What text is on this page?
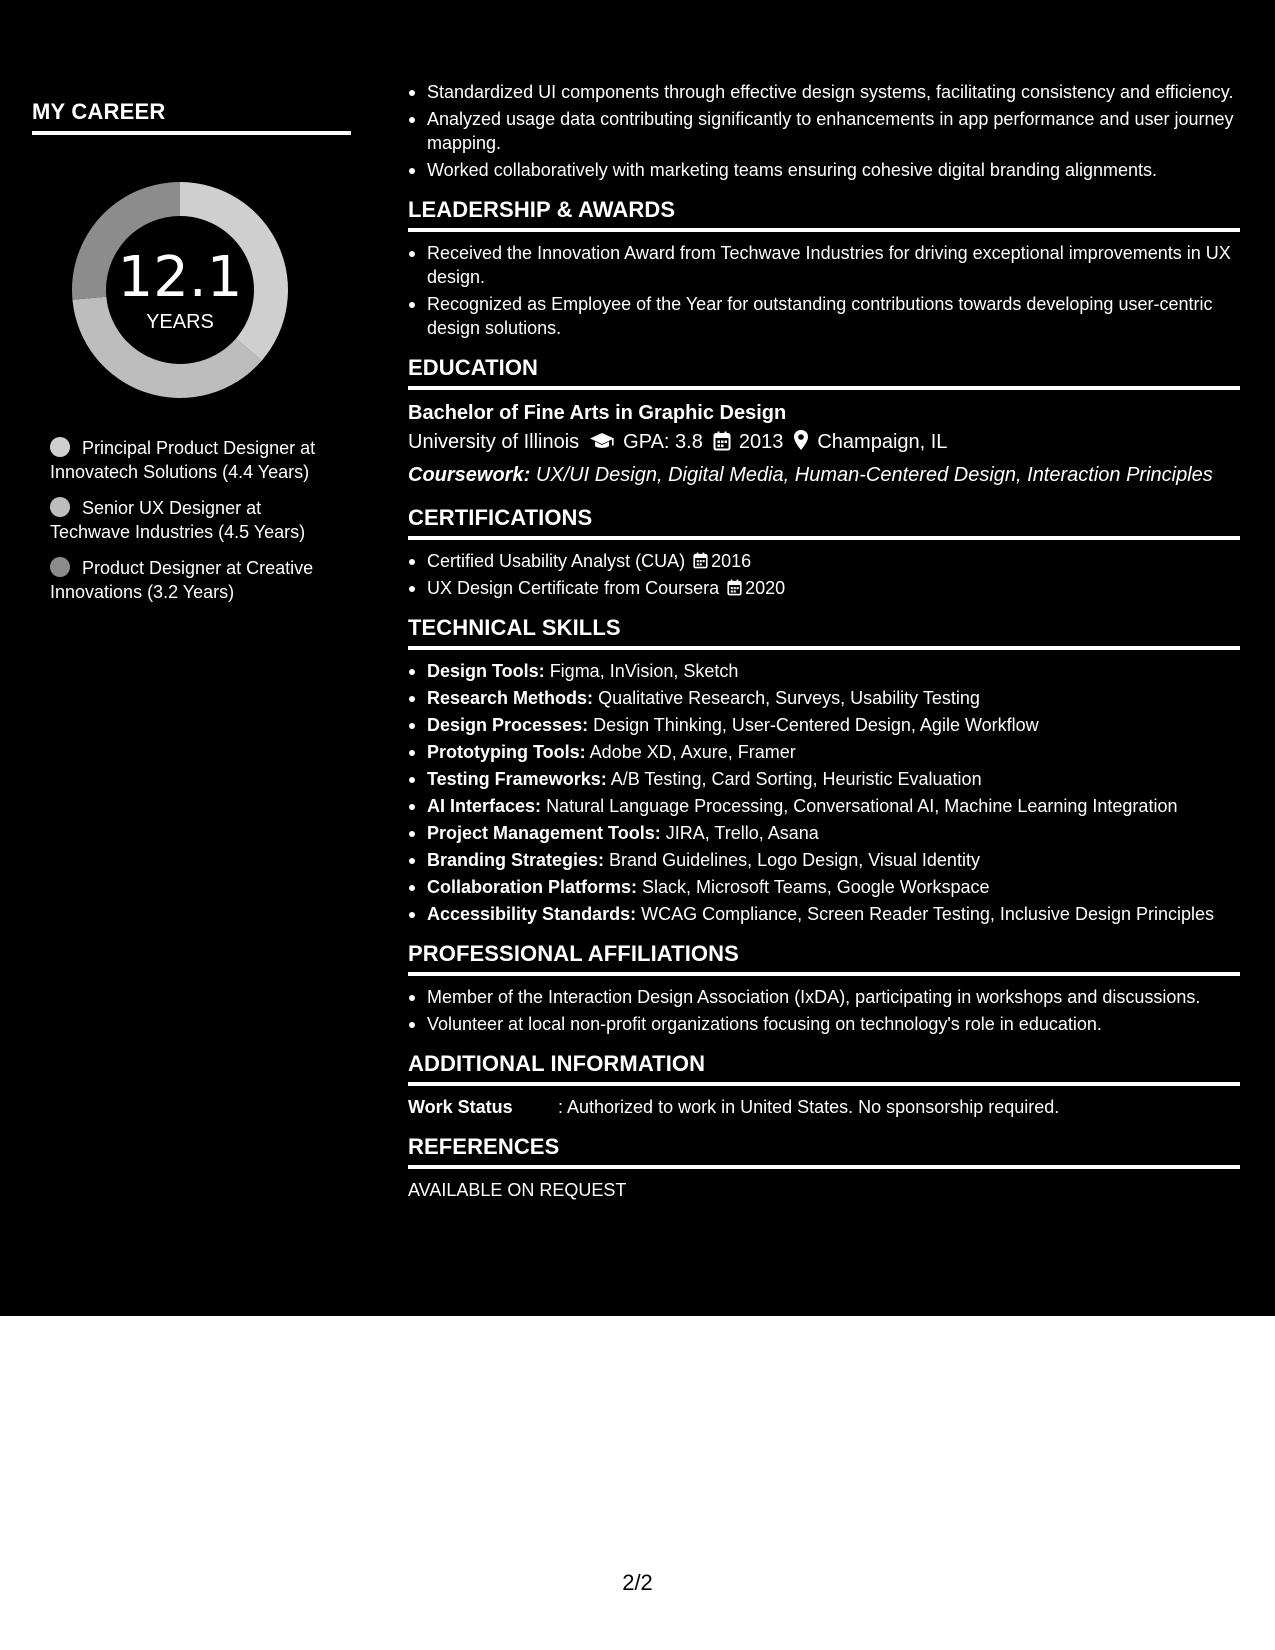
MY CAREER
12.1
YEARS
Principal Product Designer at Innovatech Solutions (4.4 Years)
Senior UX Designer at Techwave Industries (4.5 Years)
Product Designer at Creative Innovations (3.2 Years)
Standardized UI components through effective design systems, facilitating consistency and efficiency.
Analyzed usage data contributing significantly to enhancements in app performance and user journey mapping.
Worked collaboratively with marketing teams ensuring cohesive digital branding alignments.
LEADERSHIP & AWARDS
Received the Innovation Award from Techwave Industries for driving exceptional improvements in UX design.
Recognized as Employee of the Year for outstanding contributions towards developing user-centric design solutions.
EDUCATION
Bachelor of Fine Arts in Graphic Design
University of Illinois GPA: 3.8 2013 Champaign, IL
Coursework: UX/UI Design, Digital Media, Human-Centered Design, Interaction Principles
CERTIFICATIONS
Certified Usability Analyst (CUA) 2016
UX Design Certificate from Coursera 2020
TECHNICAL SKILLS
Design Tools: Figma, InVision, Sketch
Research Methods: Qualitative Research, Surveys, Usability Testing
Design Processes: Design Thinking, User-Centered Design, Agile Workflow
Prototyping Tools: Adobe XD, Axure, Framer
Testing Frameworks: A/B Testing, Card Sorting, Heuristic Evaluation
AI Interfaces: Natural Language Processing, Conversational AI, Machine Learning Integration
Project Management Tools: JIRA, Trello, Asana
Branding Strategies: Brand Guidelines, Logo Design, Visual Identity
Collaboration Platforms: Slack, Microsoft Teams, Google Workspace
Accessibility Standards: WCAG Compliance, Screen Reader Testing, Inclusive Design Principles
PROFESSIONAL AFFILIATIONS
Member of the Interaction Design Association (IxDA), participating in workshops and discussions.
Volunteer at local non-profit organizations focusing on technology's role in education.
ADDITIONAL INFORMATION
Work Status	: Authorized to work in United States. No sponsorship required.
REFERENCES
AVAILABLE ON REQUEST
2/2
